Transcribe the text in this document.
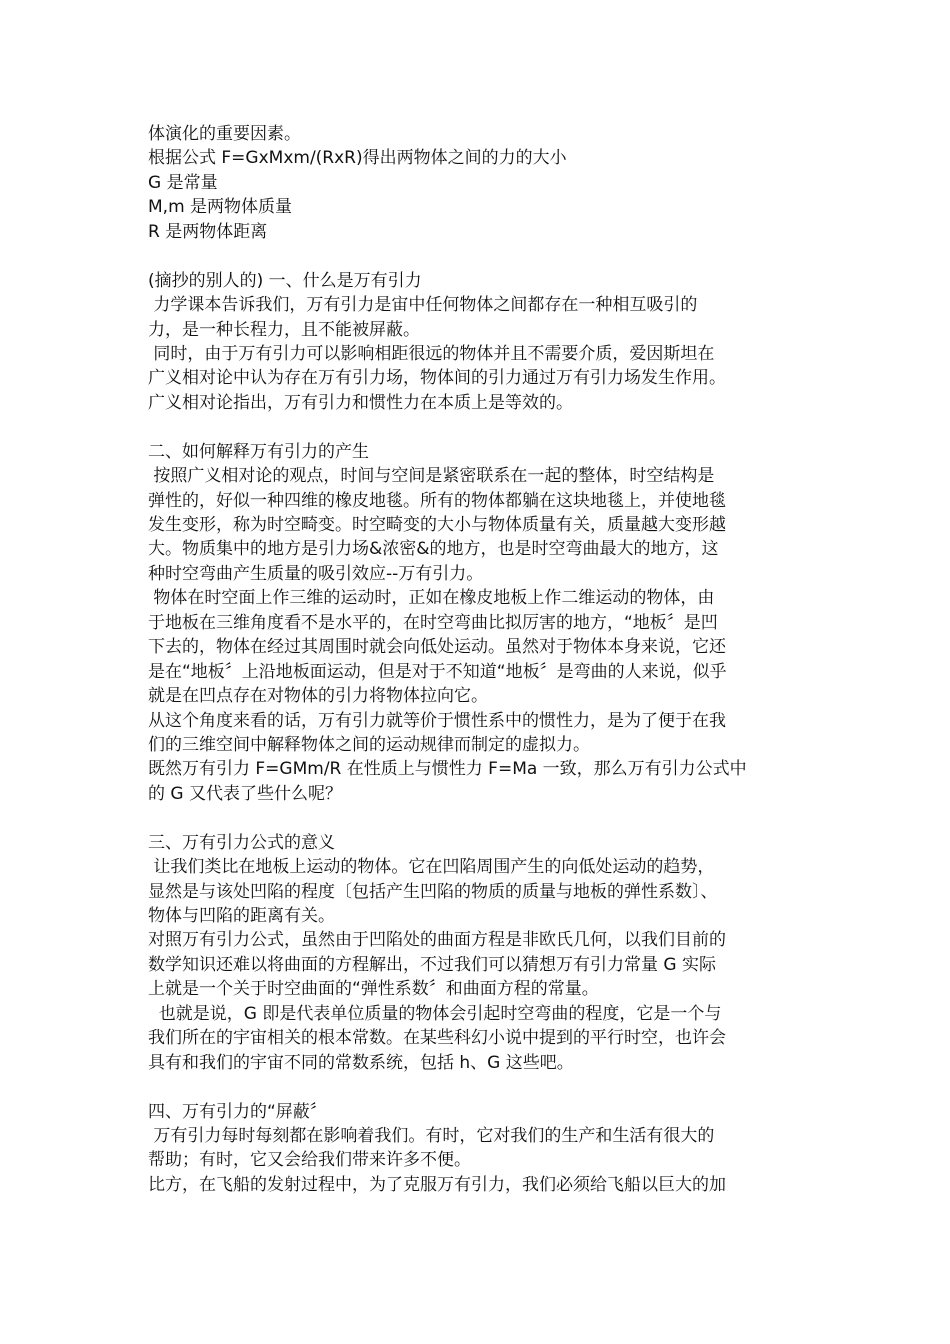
体演化的重要因素。
根据公式 F=GxMxm/(RxR)得出两物体之间的力的大小
G 是常量
M,m 是两物体质量
R 是两物体距离
(摘抄的别人的) 一、什么是万有引力
力学课本告诉我们，万有引力是宙中任何物体之间都存在一种相互吸引的
力，是一种长程力，且不能被屏蔽。
同时，由于万有引力可以影响相距很远的物体并且不需要介质，爱因斯坦在
广义相对论中认为存在万有引力场，物体间的引力通过万有引力场发生作用。
广义相对论指出，万有引力和惯性力在本质上是等效的。
二、如何解释万有引力的产生
按照广义相对论的观点，时间与空间是紧密联系在一起的整体，时空结构是
弹性的，好似一种四维的橡皮地毯。所有的物体都躺在这块地毯上，并使地毯
发生变形，称为时空畸变。时空畸变的大小与物体质量有关，质量越大变形越
大。物质集中的地方是引力场&浓密&的地方，也是时空弯曲最大的地方，这
种时空弯曲产生质量的吸引效应--万有引力。
物体在时空面上作三维的运动时，正如在橡皮地板上作二维运动的物体，由
于地板在三维角度看不是水平的，在时空弯曲比拟厉害的地方，“地板〞是凹
下去的，物体在经过其周围时就会向低处运动。虽然对于物体本身来说，它还
是在“地板〞上沿地板面运动，但是对于不知道“地板〞是弯曲的人来说，似乎
就是在凹点存在对物体的引力将物体拉向它。
从这个角度来看的话，万有引力就等价于惯性系中的惯性力，是为了便于在我
们的三维空间中解释物体之间的运动规律而制定的虚拟力。
既然万有引力 F=GMm/R 在性质上与惯性力 F=Ma 一致，那么万有引力公式中
的 G 又代表了些什么呢？
三、万有引力公式的意义
让我们类比在地板上运动的物体。它在凹陷周围产生的向低处运动的趋势，
显然是与该处凹陷的程度〔包括产生凹陷的物质的质量与地板的弹性系数〕、
物体与凹陷的距离有关。
对照万有引力公式，虽然由于凹陷处的曲面方程是非欧氏几何，以我们目前的
数学知识还难以将曲面的方程解出，不过我们可以猜想万有引力常量 G 实际
上就是一个关于时空曲面的“弹性系数〞和曲面方程的常量。
也就是说，G 即是代表单位质量的物体会引起时空弯曲的程度，它是一个与
我们所在的宇宙相关的根本常数。在某些科幻小说中提到的平行时空，也许会
具有和我们的宇宙不同的常数系统，包括 h、G 这些吧。
四、万有引力的“屏蔽〞
万有引力每时每刻都在影响着我们。有时，它对我们的生产和生活有很大的
帮助；有时，它又会给我们带来许多不便。
比方，在飞船的发射过程中，为了克服万有引力，我们必须给飞船以巨大的加
